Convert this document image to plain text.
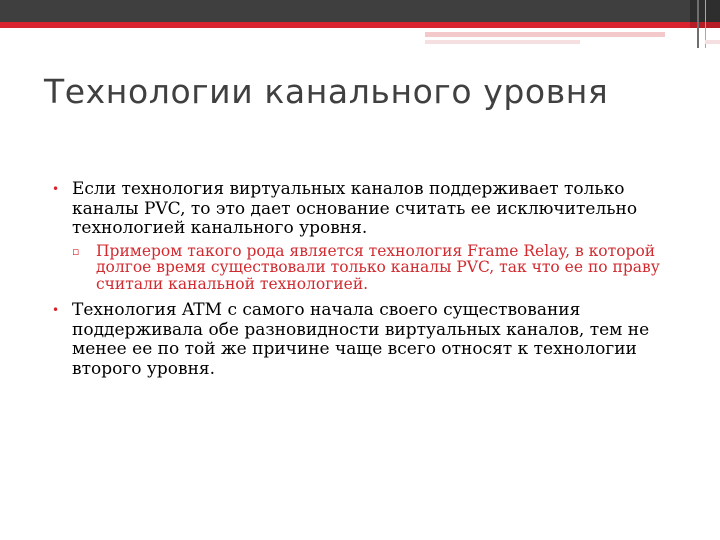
Технологии канального уровня
• Если технология виртуальных каналов поддерживает только каналы PVC, то это дает основание считать ее исключительно технологией канального уровня.
▫ Примером такого рода является технология Frame Relay, в которой долгое время существовали только каналы PVC, так что ее по праву считали канальной технологией.
• Технология ATM с самого начала своего существования поддерживала обе разновидности виртуальных каналов, тем не менее ее по той же причине чаще всего относят к технологии второго уровня.
